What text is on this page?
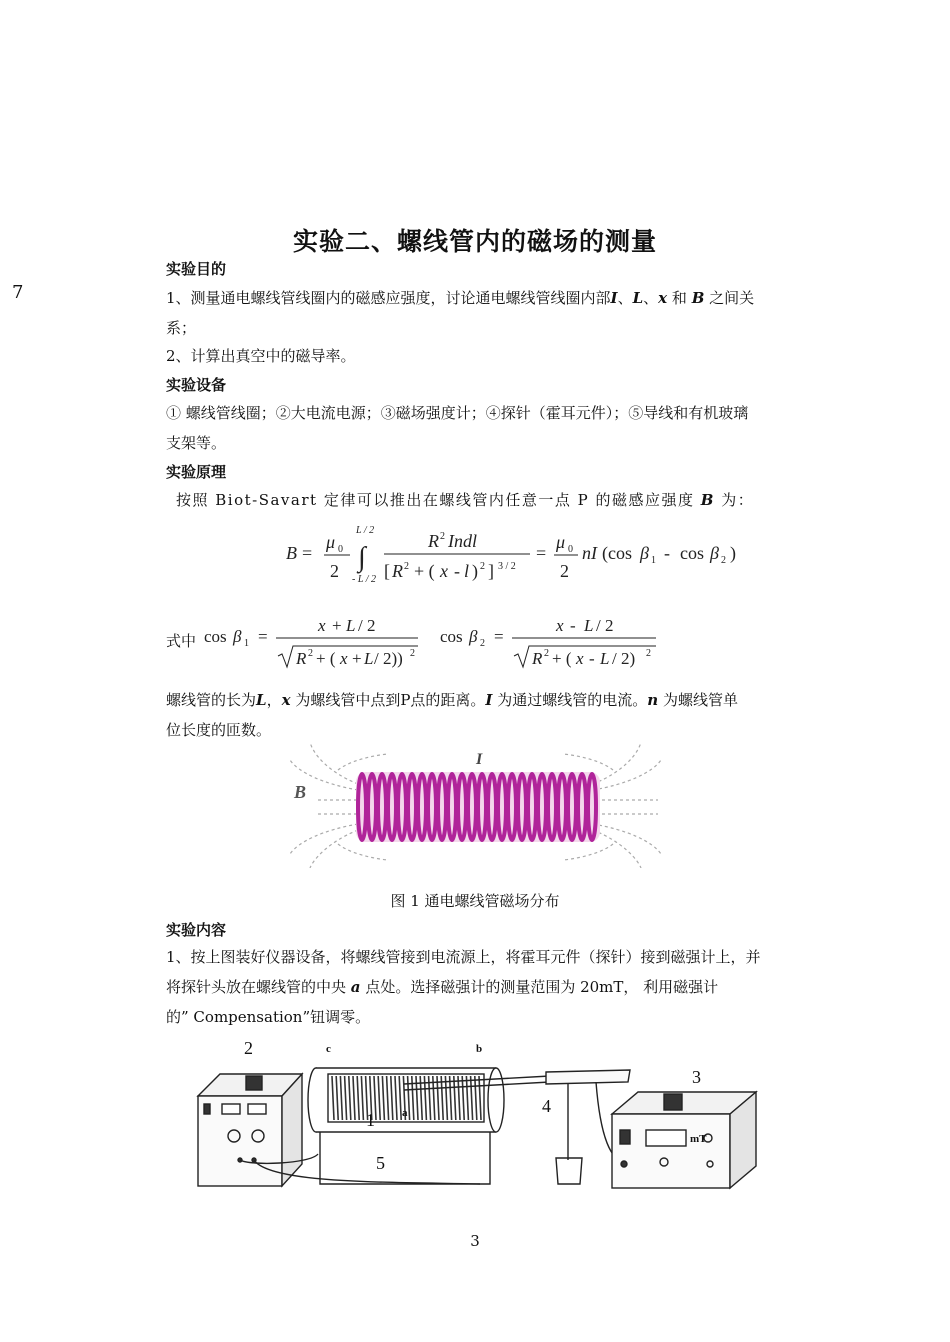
实验二、螺线管内的磁场的测量
7
实验目的
1、测量通电螺线管线圈内的磁感应强度，讨论通电螺线管线圈内部I、L、x 和 B 之间关
系；
2、计算出真空中的磁导率。
实验设备
① 螺线管线圈；②大电流电源；③磁场强度计；④探针（霍耳元件）；⑤导线和有机玻璃
支架等。
实验原理
按照 Biot-Savart 定律可以推出在螺线管内任意一点 P 的磁感应强度 B 为：
B =
μ 0
2
L / 2
∫
- L / 2
R 2 Indl
[ R 2 + ( x - l ) 2 ] 3 / 2
=
μ 0
2
nI (cos β 1 - cos β 2 )
式中 cos β 1 =
x + L / 2
R 2 + ( x + L / 2)) 2
cos β 2 =
x - L / 2
R 2 + ( x - L / 2) 2
螺线管的长为L，x 为螺线管中点到P点的距离。I 为通过螺线管的电流。n 为螺线管单
位长度的匝数。
I
B
图 1 通电螺线管磁场分布
实验内容
1、按上图装好仪器设备，将螺线管接到电流源上，将霍耳元件（探针）接到磁强计上，并
将探针头放在螺线管的中央 a 点处。选择磁强计的测量范围为 20mT， 利用磁强计
的” Compensation”钮调零。
1
2
3
4
5
a
b
c
mT
3
